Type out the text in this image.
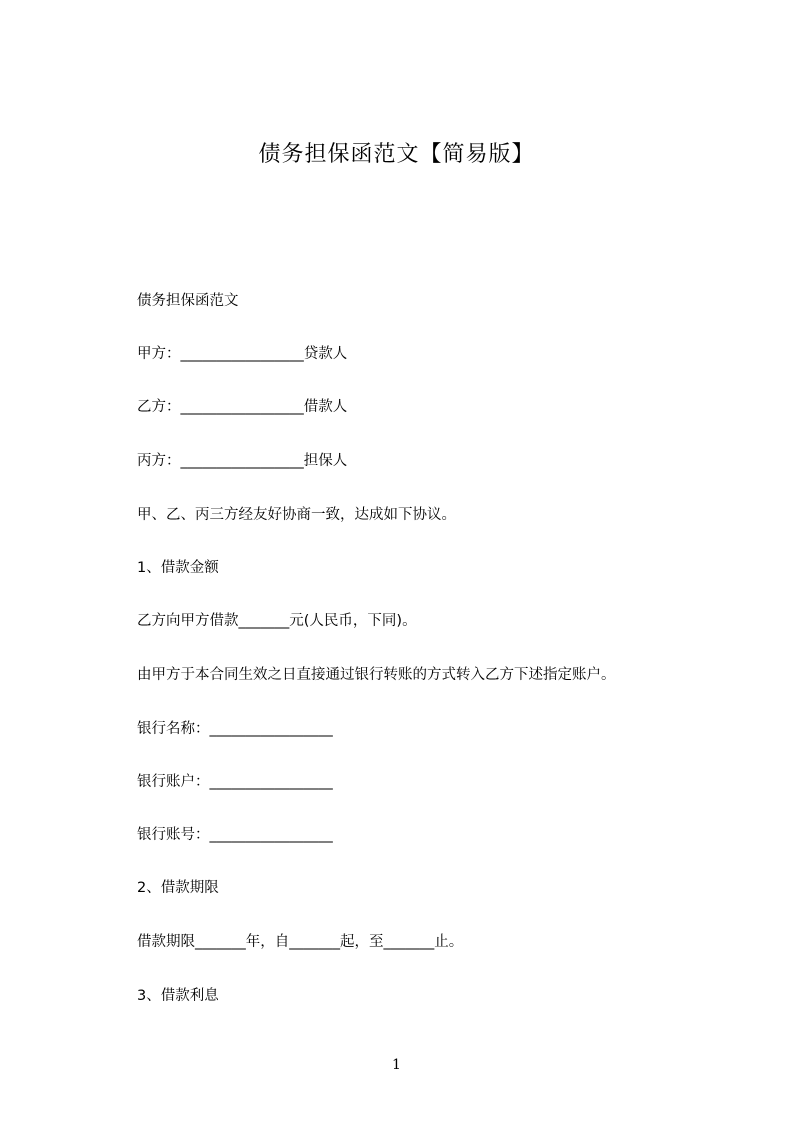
债务担保函范文【简易版】
债务担保函范文
甲方：_________________贷款人
乙方：_________________借款人
丙方：_________________担保人
甲、乙、丙三方经友好协商一致，达成如下协议。
1、借款金额
乙方向甲方借款_______元(人民币，下同)。
由甲方于本合同生效之日直接通过银行转账的方式转入乙方下述指定账户。
银行名称：_________________
银行账户：_________________
银行账号：_________________
2、借款期限
借款期限_______年，自_______起，至_______止。
3、借款利息
1
